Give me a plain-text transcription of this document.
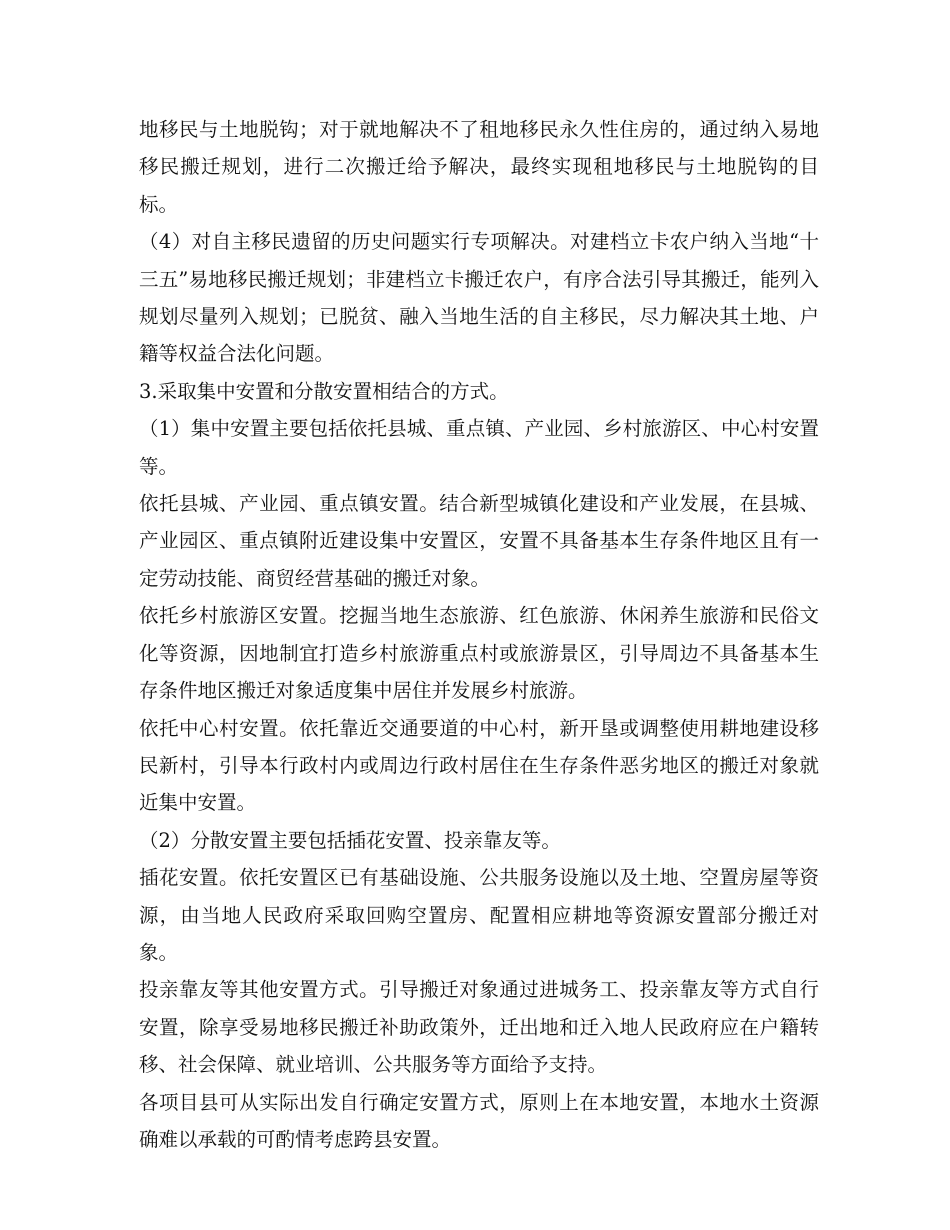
地移民与土地脱钩；对于就地解决不了租地移民永久性住房的，通过纳入易地移民搬迁规划，进行二次搬迁给予解决，最终实现租地移民与土地脱钩的目标。

（4）对自主移民遗留的历史问题实行专项解决。对建档立卡农户纳入当地“十三五”易地移民搬迁规划；非建档立卡搬迁农户，有序合法引导其搬迁，能列入规划尽量列入规划；已脱贫、融入当地生活的自主移民，尽力解决其土地、户籍等权益合法化问题。

3.采取集中安置和分散安置相结合的方式。

（1）集中安置主要包括依托县城、重点镇、产业园、乡村旅游区、中心村安置等。

依托县城、产业园、重点镇安置。结合新型城镇化建设和产业发展，在县城、产业园区、重点镇附近建设集中安置区，安置不具备基本生存条件地区且有一定劳动技能、商贸经营基础的搬迁对象。

依托乡村旅游区安置。挖掘当地生态旅游、红色旅游、休闲养生旅游和民俗文化等资源，因地制宜打造乡村旅游重点村或旅游景区，引导周边不具备基本生存条件地区搬迁对象适度集中居住并发展乡村旅游。

依托中心村安置。依托靠近交通要道的中心村，新开垦或调整使用耕地建设移民新村，引导本行政村内或周边行政村居住在生存条件恶劣地区的搬迁对象就近集中安置。

（2）分散安置主要包括插花安置、投亲靠友等。

插花安置。依托安置区已有基础设施、公共服务设施以及土地、空置房屋等资源，由当地人民政府采取回购空置房、配置相应耕地等资源安置部分搬迁对象。

投亲靠友等其他安置方式。引导搬迁对象通过进城务工、投亲靠友等方式自行安置，除享受易地移民搬迁补助政策外，迁出地和迁入地人民政府应在户籍转移、社会保障、就业培训、公共服务等方面给予支持。

各项目县可从实际出发自行确定安置方式，原则上在本地安置，本地水土资源确难以承载的可酌情考虑跨县安置。
